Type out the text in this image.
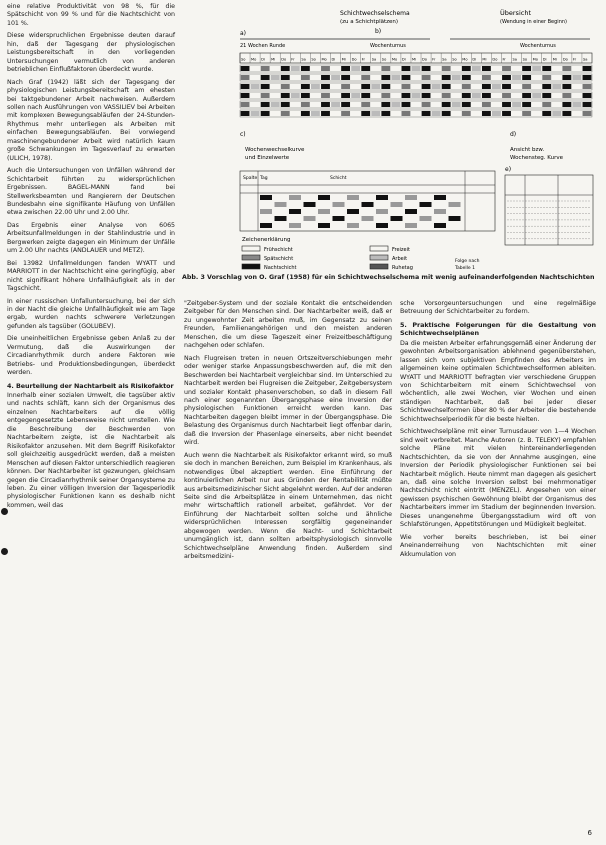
eine relative Produktivität von 98 %, für die Spätschicht von 99 % und für die Nachtschicht von 101 %.

Diese widerspruchlichen Ergebnisse deuten darauf hin, daß der Tagesgang der physiologischen Leistungsbereitschaft in den vorliegenden Untersuchungen vermutlich von anderen betrieblichen Einflußfaktoren überdeckt wurde.

Nach Graf (1942) läßt sich der Tagesgang der physiologischen Leistungsbereitschaft am ehesten bei taktgebundener Arbeit nachweisen. Außerdem sollen nach Ausführungen von VASSILIEV bei Arbeiten mit komplexen Bewegungsabläufen der 24-Stunden-Rhythmus mehr unterliegen als Arbeiten mit einfachen Bewegungsabläufen. Bei vorwiegend maschinengebundener Arbeit wird natürlich kaum große Schwankungen im Tagesverlauf zu erwarten (ULICH, 1978).

Auch die Untersuchungen von Unfällen während der Schichtarbeit führten zu widersprüchlichen Ergebnissen. BAGEL-MANN fand bei Stellwerksbeamten und Rangierern der Deutschen Bundesbahn eine signifikante Häufung von Unfällen etwa zwischen 22.00 Uhr und 2.00 Uhr.

Das Ergebnis einer Analyse von 6065 Arbeitsunfallmeldungen in der Stahlindustrie und in Bergwerken zeigte dagegen ein Minimum der Unfälle um 2.00 Uhr nachts (ANDLAUER und METZ).

Bei 13982 Unfallmeldungen fanden WYATT und MARRIOTT in der Nachtschicht eine geringfügig, aber nicht signifikant höhere Unfallhäufigkeit als in der Tagschicht.

In einer russischen Unfalluntersuchung, bei der sich in der Nacht die gleiche Unfallhäufigkeit wie am Tage ergab, wurden nachts schwerere Verletzungen gefunden als tagsüber (GOLUBEV).

Die uneinheitlichen Ergebnisse geben Anlaß zu der Vermutung, daß die Auswirkungen der Circadianrhythmik durch andere Faktoren wie Betriebs- und Produktionsbedingungen, überdeckt werden.

4. Beurteilung der Nachtarbeit als Risikofaktor

Innerhalb einer sozialen Umwelt, die tagsüber aktiv und nachts schläft, kann sich der Organismus des einzelnen Nachtarbeiters auf die völlig entgegengesetzte Lebensweise nicht umstellen. Wie die Beschreibung der Beschwerden von Nachtarbeitern zeigte, ist die Nachtarbeit als Risikofaktor anzusehen. Mit dem Begriff Risikofaktor soll gleichzeitig ausgedrückt werden, daß a meisten Menschen auf diesen Faktor unterschiedlich reagieren können. Der Nachtarbeiter ist gezwungen, gleichsam gegen die Circadianrhythmik seiner Organsysteme zu leben. Zu einer völligen Inversion der Tagesperiodik physiologischer Funktionen kann es deshalb nicht kommen, weil das

Schichtwechselschema
(zu a Schichtplätzen)
a)	b)
21 Wochen Runde	Wochenturnus
Übersicht
(Wendung in einer Beginn)
Wochenturnus
So Mo Di Mi Do Fr Sa So Mo Di Mi Do Fr Sa So Mo Di Mi Do Fr Sa So Mo Di Mi Do Fr Sa So Mo Di Mi Do Fr Sa
c)
Wochenwechselkurve
und Einzelwerte
d)
Ansicht bzw.
Wochensteg. Kurve
Spalte Tag	Schicht
e)
Zeichenerklärung
Frühschicht
Spätschicht
Nachtschicht
Freizeit
Arbeit
Ruhetag
Folge nach
Tabelle 1
Abb. 3 Vorschlag von O. Graf (1958) für ein Schichtwechselschema mit wenig aufeinanderfolgenden Nachtschichten

"Zeitgeber-System und der soziale Kontakt die entscheidenden Zeitgeber für den Menschen sind. Der Nachtarbeiter weiß, daß er zu ungewohnter Zeit arbeiten muß, im Gegensatz zu seinen Freunden, Familienangehörigen und den meisten anderen Menschen, die um diese Tageszeit einer Freizeitbeschäftigung nachgehen oder schlafen.

Nach Flugreisen treten in neuen Ortszeitverschiebungen mehr oder weniger starke Anpassungsbeschwerden auf, die mit den Beschwerden bei Nachtarbeit vergleichbar sind. Im Unterschied zu Nachtarbeit werden bei Flugreisen die Zeitgeber, Zeitgebersystem und sozialer Kontakt phasenverschoben, so daß in diesem Fall nach einer sogenannten Übergangsphase eine Inversion der physiologischen Funktionen erreicht werden kann. Das Nachtarbeiten dagegen bleibt immer in der Übergangsphase. Die Belastung des Organismus durch Nachtarbeit liegt offenbar darin, daß die Inversion der Phasenlage einerseits, aber nicht beendet wird.

Auch wenn die Nachtarbeit als Risikofaktor erkannt wird, so muß sie doch in manchen Bereichen, zum Beispiel im Krankenhaus, als notwendiges Übel akzeptiert werden. Eine Einführung der kontinuierlichen Arbeit nur aus Gründen der Rentabilität müßte aus arbeitsmedizinischer Sicht abgelehnt werden. Auf der anderen Seite sind die Arbeitsplätze in einem Unternehmen, das nicht mehr wirtschaftlich rationell arbeitet, gefährdet. Vor der Einführung der Nachtarbeit sollten solche und ähnliche widersprüchlichen Interessen sorgfältig gegeneinander abgewogen werden. Wenn die Nacht- und Schichtarbeit unumgänglich ist, dann sollten arbeitsphysiologisch sinnvolle Schichtwechselpläne Anwendung finden. Außerdem sind arbeitsmedizini-

sche Vorsorgeuntersuchungen und eine regelmäßige Betreuung der Schichtarbeiter zu fordern.

5. Praktische Folgerungen für die Gestaltung von Schichtwechselplänen

Da die meisten Arbeiter erfahrungsgemäß einer Änderung der gewohnten Arbeitsorganisation ablehnend gegenüberstehen, lassen sich vom subjektiven Empfinden des Arbeiters im allgemeinen keine optimalen Schichtwechselformen ableiten. WYATT und MARRIOTT befragten vier verschiedene Gruppen von Schichtarbeitern mit einem Schichtwechsel von wöchentlich, alle zwei Wochen, vier Wochen und einen ständigen Nachtarbeit, daß bei jeder dieser Schichtwechselformen über 80 % der Arbeiter die bestehende Schichtwechselperiodik für die beste hielten.

Schichtwechselpläne mit einer Turnusdauer von 1—4 Wochen sind weit verbreitet. Manche Autoren (z. B. TELEKY) empfahlen solche Pläne mit vielen hintereinanderliegenden Nachtschichten, da sie von der Annahme ausgingen, eine Inversion der Periodik physiologischer Funktionen sei bei Nachtarbeit möglich. Heute nimmt man dagegen als gesichert an, daß eine solche Inversion selbst bei mehrmonatiger Nachtschicht nicht eintritt (MENZEL). Angesehen von einer gewissen psychischen Gewöhnung bleibt der Organismus des Nachtarbeiters immer im Stadium der beginnenden Inversion. Dieses unangenehme Übergangsstadium wird oft von Schlafstörungen, Appetitstörungen und Müdigkeit begleitet.

Wie vorher bereits beschrieben, ist bei einer Aneinanderreihung von Nachtschichten mit einer Akkumulation von

6
